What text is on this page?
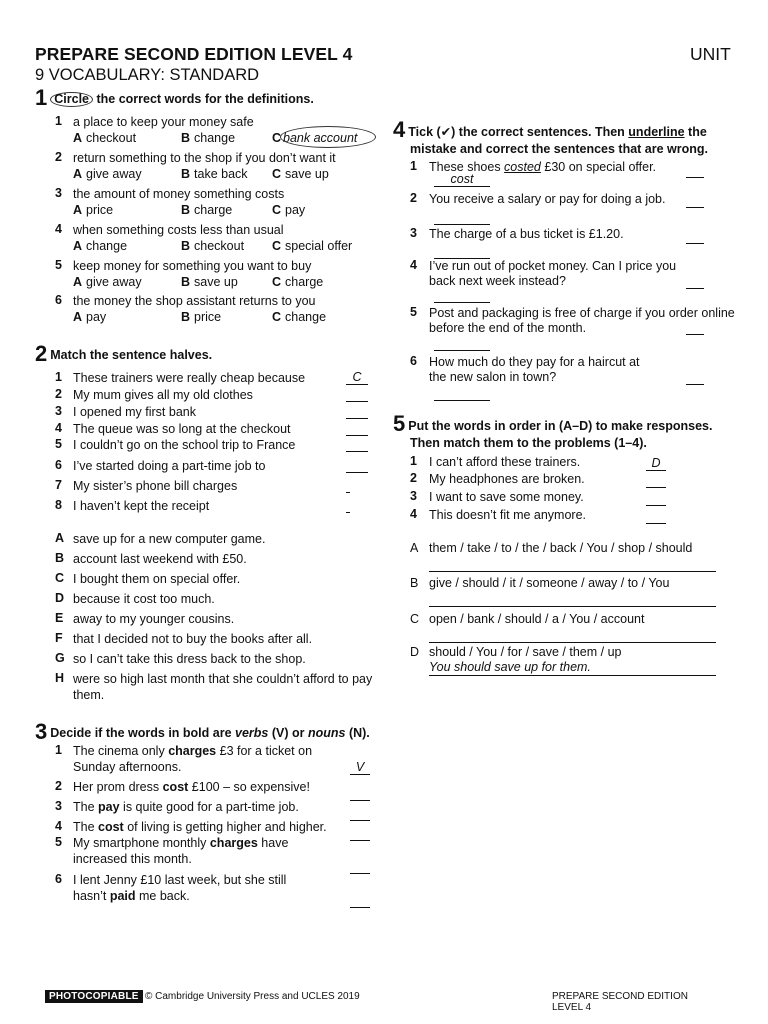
PREPARE SECOND EDITION LEVEL 4	UNIT
9 VOCABULARY: STANDARD
1 Circle the correct words for the definitions.
1 a place to keep your money safe
A checkout	B change	C bank account
2 return something to the shop if you don’t want it
A give away	B take back C save up
3 the amount of money something costs
A price	B charge	C pay
4 when something costs less than usual
A change	B checkout C special offer
5 keep money for something you want to buy
A give away	B save up	C charge
6 the money the shop assistant returns to you
A pay	B price	C change
2 Match the sentence halves.
1 These trainers were really cheap because	C
2 My mum gives all my old clothes
3 I opened my first bank
4 The queue was so long at the checkout
5 I couldn’t go on the school trip to France
6 I’ve started doing a part-time job to
7 My sister’s phone bill charges
8 I haven’t kept the receipt
A save up for a new computer game.
B account last weekend with £50.
C I bought them on special offer.
D because it cost too much.
E away to my younger cousins.
F that I decided not to buy the books after all.
G so I can’t take this dress back to the shop.
H were so high last month that she couldn’t afford to pay
them.
3 Decide if the words in bold are verbs (V) or nouns (N).
1 The cinema only charges £3 for a ticket on
Sunday afternoons.	V
2 Her prom dress cost £100 – so expensive!
3 The pay is quite good for a part-time job.
4 The cost of living is getting higher and higher.
5 My smartphone monthly charges have
increased this month.
6 I lent Jenny £10 last week, but she still
hasn’t paid me back.
4 Tick (✔) the correct sentences. Then underline the
mistake and correct the sentences that are wrong.
1 These shoes costed £30 on special offer.
cost
2 You receive a salary or pay for doing a job.
3 The charge of a bus ticket is £1.20.
4 I’ve run out of pocket money. Can I price you
back next week instead?
5 Post and packaging is free of charge if you order online
before the end of the month.
6 How much do they pay for a haircut at
the new salon in town?
5 Put the words in order in (A–D) to make responses.
Then match them to the problems (1–4).
1 I can’t afford these trainers.	D
2 My headphones are broken.
3 I want to save some money.
4 This doesn’t fit me anymore.
A them / take / to / the / back / You / shop / should
B give / should / it / someone / away / to / You
C open / bank / should / a / You / account
D should / You / for / save / them / up
You should save up for them.
PHOTOCOPIABLE © Cambridge University Press and UCLES 2019	PREPARE SECOND EDITION LEVEL 4
